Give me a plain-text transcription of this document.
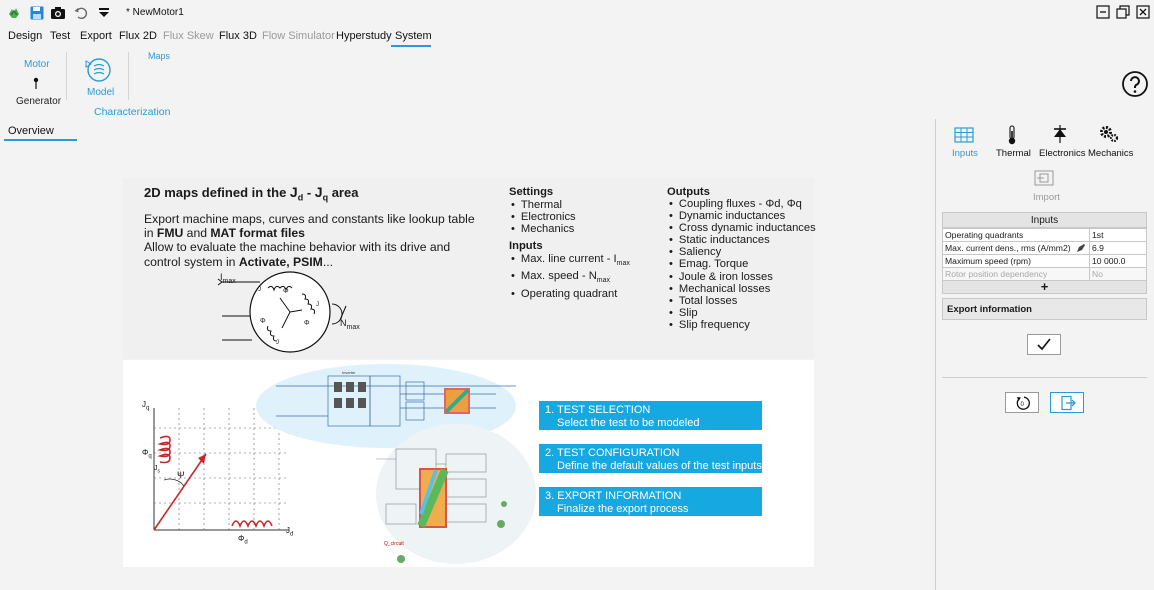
* NewMotor1
Design Test Export Flux 2D Flux Skew Flux 3D Flow Simulator Hyperstudy System
Motor
Generator
Model
Characterization
Maps
Overview
2D maps defined in the $J_d - J_q$ area
Export machine maps, curves and constants like lookup table
in FMU and MAT format files
Allow to evaluate the machine behavior with its drive and
control system in Activate, PSIM...
$I_{max}$
$N_{max}$
Φ
Φ	Φ
J
J
J
Settings
• Thermal
• Electronics
• Mechanics
Inputs
• Max. line current - $I_{max}$
• Max. speed - $N_{max}$
• Operating quadrant
Outputs
• Coupling fluxes - Φd, Φq
• Dynamic inductances
• Cross dynamic inductances
• Static inductances
• Saliency
• Emag. Torque
• Joule & iron losses
• Mechanical losses
• Total losses
• Slip
• Slip frequency
$J_q$
$J_d$
$\Phi_q$
$\Phi_d$
Ψ
$J_s$
Q_circuit
Inverter
1. TEST SELECTION
Select the test to be modeled
2. TEST CONFIGURATION
Define the default values of the test inputs
3. EXPORT INFORMATION
Finalize the export process
Inputs Thermal Electronics Mechanics
Import
Inputs
Operating quadrants	1st
Max. current dens., rms (A/mm2)	6.9
Maximum speed (rpm)	10 000.0
Rotor position dependency	No
+
Export information
0
